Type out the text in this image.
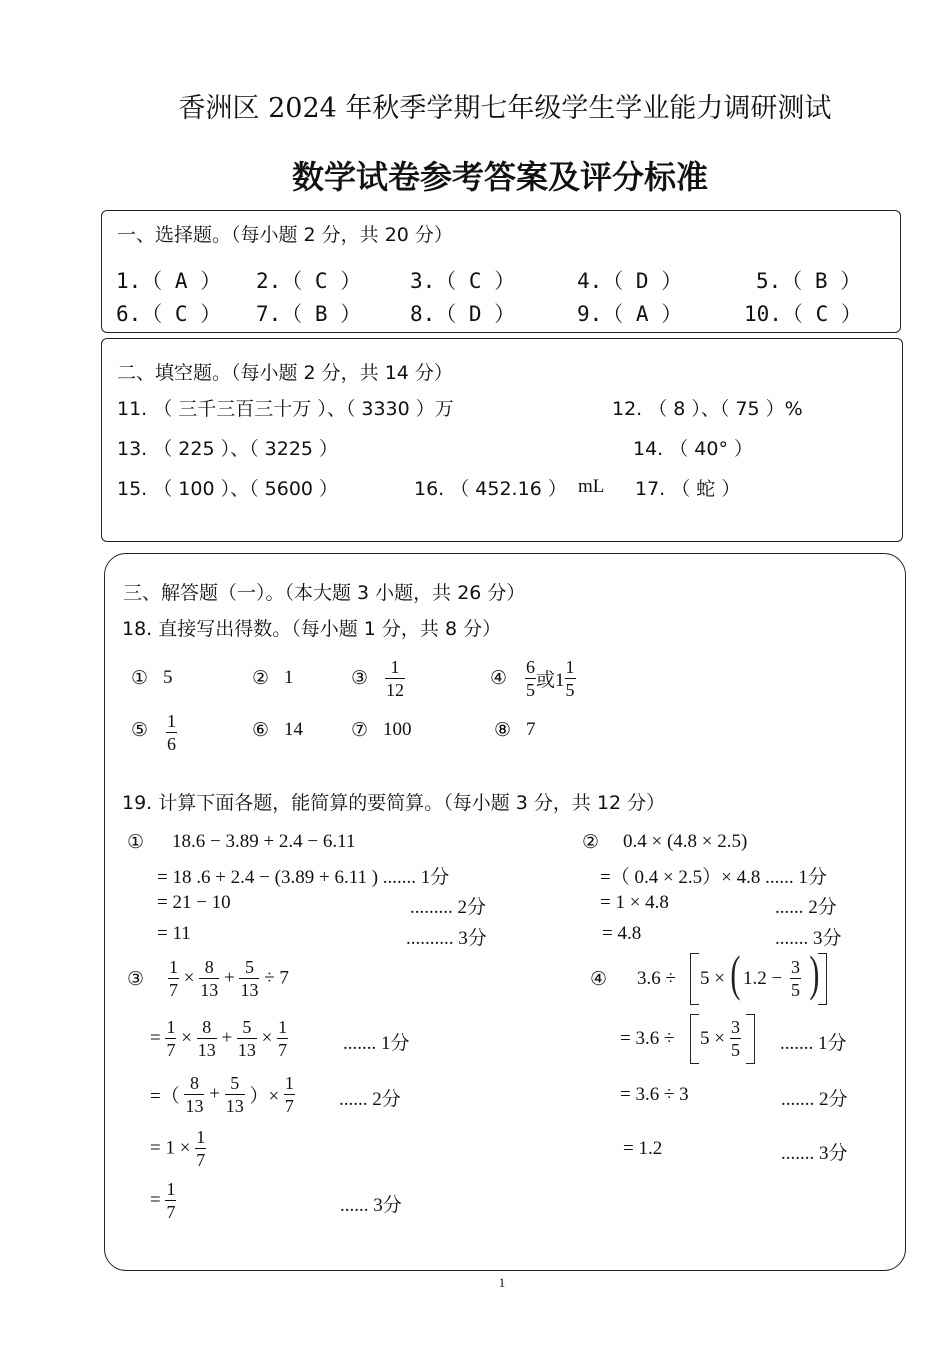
香洲区 2024 年秋季学期七年级学生学业能力调研测试
数学试卷参考答案及评分标准
一、选择题。（每小题 2 分，共 20 分）
1.（ A ） 2.（ C ） 3.（ C ）	4.（ D ）	5.（ B ）
6.（ C ） 7.（ B ） 8.（ D ）	9.（ A ）	10.（ C ）
二、填空题。（每小题 2 分，共 14 分）
11. （ 三千三百三十万 ）、（ 3330 ）万	12. （ 8 ）、（ 75 ）%
13. （ 225 ）、（ 3225 ）	14. （ 40° ）
15. （ 100 ）、（ 5600 ）	16. （ 452.16 ） mL 17. （ 蛇 ）
三、解答题（一）。（本大题 3 小题，共 26 分）
18. 直接写出得数。（每小题 1 分，共 8 分）
① 5	② 1	③ $\frac{1}{12}$	④ $\frac{6}{5}$ 或$1 \frac{1}{5}$
⑤ $\frac{1}{6}$	⑥ 14	⑦ 100	⑧ 7
19. 计算下面各题，能简算的要简算。（每小题 3 分，共 12 分）
① 18.6 − 3.89 + 2.4 − 6.11
= 18 .6 + 2.4 − (3.89 + 6.11 ) ....... 1分
= 21 − 10	......... 2分
= 11	.......... 3分
② 0.4 × (4.8 × 2.5)
=（ 0.4 × 2.5）× 4.8 ...... 1分
= 1 × 4.8	...... 2分
= 4.8	....... 3分
③ $\frac{1}{7} \times \frac{8}{13} + \frac{5}{13} \div 7$
= $\frac{1}{7} \times \frac{8}{13} + \frac{5}{13} \times \frac{1}{7}$	....... 1分
=（ $\frac{8}{13} + \frac{5}{13}$ ）× $\frac{1}{7}$ ...... 2分
= $1 \times \frac{1}{7}$
= $\frac{1}{7}$	...... 3分
④ 3.6 ÷ 5 × ( $1.2 - \frac{3}{5}$ )
= $3.6 \div 5 \times \frac{3}{5}$ ....... 1分
= 3.6 ÷ 3	....... 2分
= 1.2	....... 3分
1
